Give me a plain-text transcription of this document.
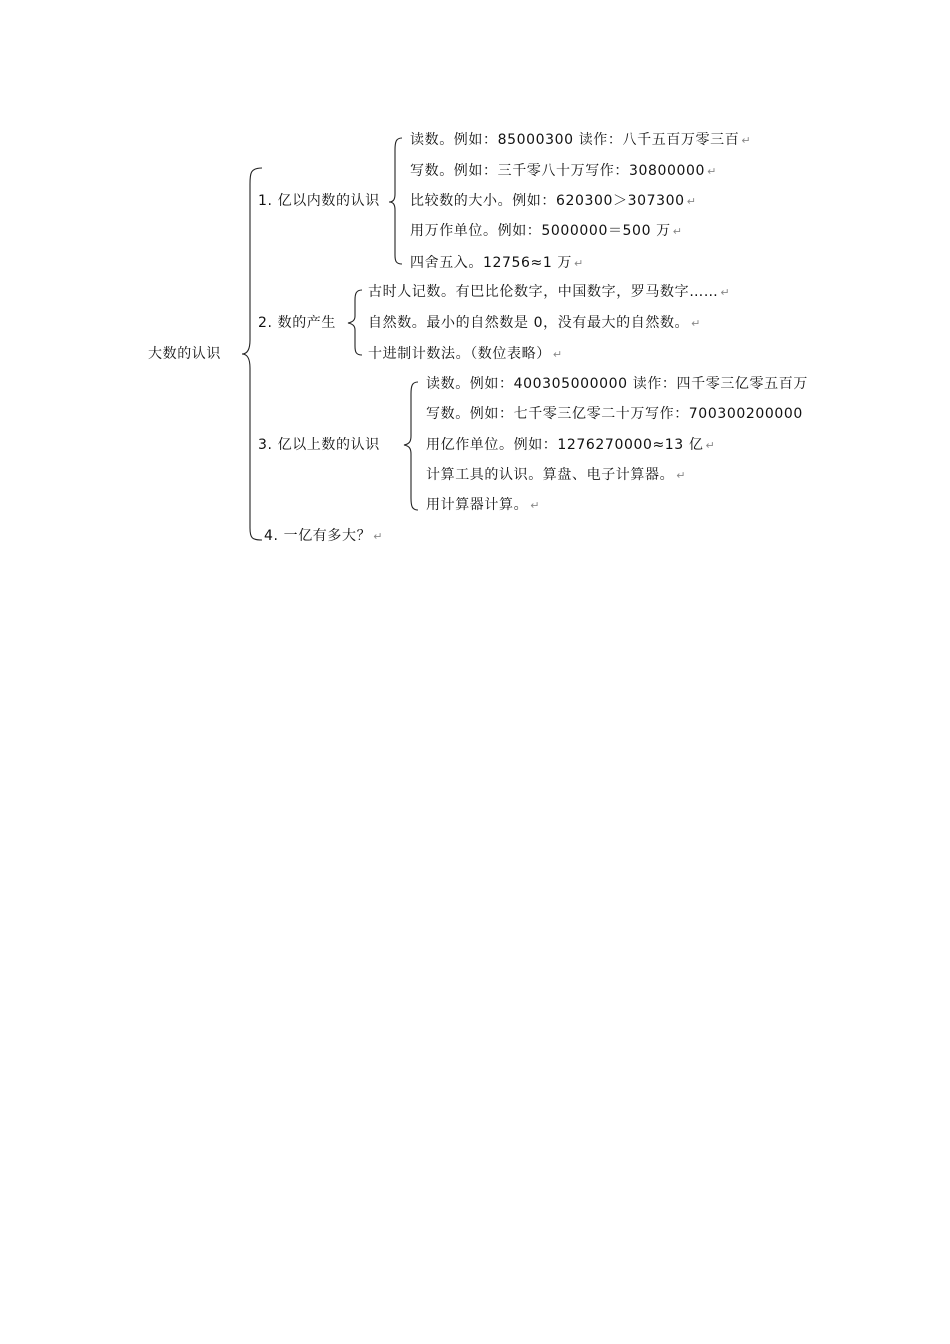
大数的认识
1. 亿以内数的认识
读数。例如：85000300 读作：八千五百万零三百 ↵
写数。例如：三千零八十万写作：30800000 ↵
比较数的大小。例如：620300＞307300 ↵
用万作单位。例如：5000000＝500 万 ↵
四舍五入。12756≈1 万 ↵
2. 数的产生
古时人记数。有巴比伦数字，中国数字，罗马数字…… ↵
自然数。最小的自然数是 0，没有最大的自然数。 ↵
十进制计数法。（数位表略） ↵
3. 亿以上数的认识
读数。例如：400305000000 读作：四千零三亿零五百万
写数。例如：七千零三亿零二十万写作：700300200000
用亿作单位。例如：1276270000≈13 亿 ↵
计算工具的认识。算盘、电子计算器。 ↵
用计算器计算。 ↵
4. 一亿有多大？ ↵
